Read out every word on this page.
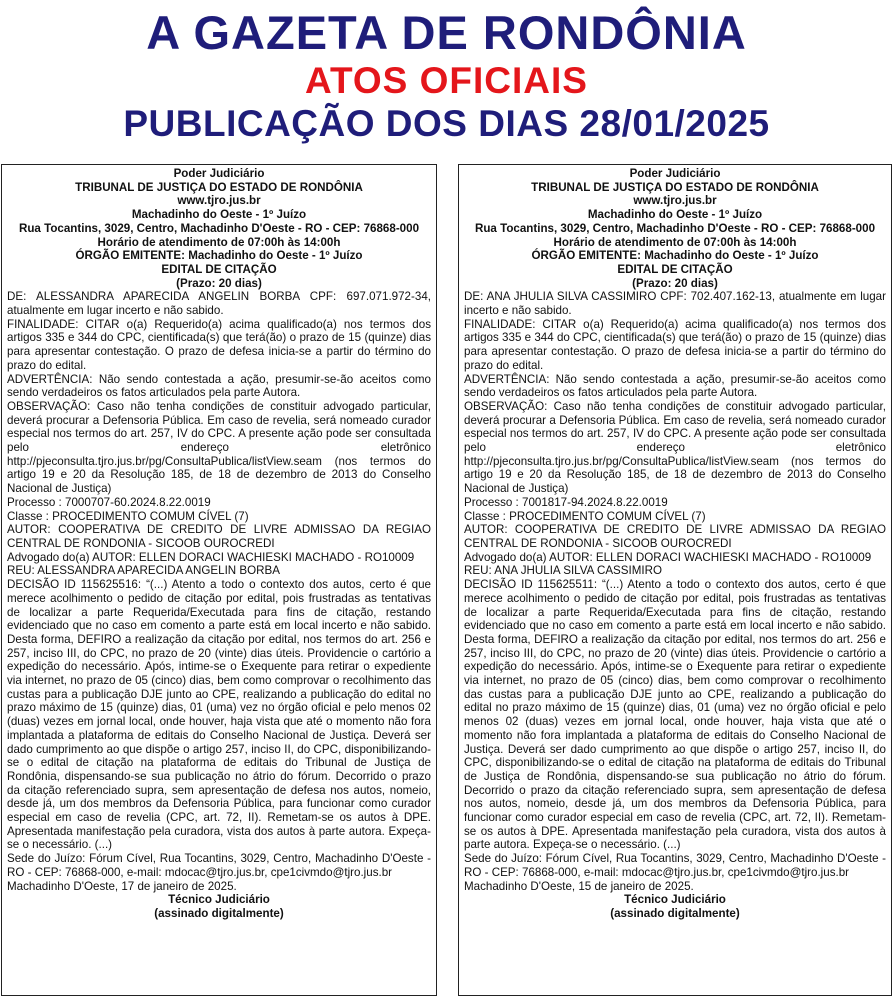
A GAZETA DE RONDÔNIA
ATOS OFICIAIS
PUBLICAÇÃO DOS DIAS 28/01/2025
Poder Judiciário
TRIBUNAL DE JUSTIÇA DO ESTADO DE RONDÔNIA
www.tjro.jus.br
Machadinho do Oeste - 1º Juízo
Rua Tocantins, 3029, Centro, Machadinho D'Oeste - RO - CEP: 76868-000
Horário de atendimento de 07:00h às 14:00h
ÓRGÃO EMITENTE: Machadinho do Oeste - 1º Juízo
EDITAL DE CITAÇÃO
(Prazo: 20 dias)
DE: ALESSANDRA APARECIDA ANGELIN BORBA CPF: 697.071.972-34, atualmente em lugar incerto e não sabido.
FINALIDADE: CITAR o(a) Requerido(a) acima qualificado(a) nos termos dos artigos 335 e 344 do CPC, cientificada(s) que terá(ão) o prazo de 15 (quinze) dias para apresentar contestação. O prazo de defesa inicia-se a partir do término do prazo do edital.
ADVERTÊNCIA: Não sendo contestada a ação, presumir-se-ão aceitos como sendo verdadeiros os fatos articulados pela parte Autora.
OBSERVAÇÃO: Caso não tenha condições de constituir advogado particular, deverá procurar a Defensoria Pública. Em caso de revelia, será nomeado curador especial nos termos do art. 257, IV do CPC. A presente ação pode ser consultada pelo endereço eletrônico http://pjeconsulta.tjro.jus.br/pg/ConsultaPublica/listView.seam (nos termos do artigo 19 e 20 da Resolução 185, de 18 de dezembro de 2013 do Conselho Nacional de Justiça)
Processo : 7000707-60.2024.8.22.0019
Classe : PROCEDIMENTO COMUM CÍVEL (7)
AUTOR: COOPERATIVA DE CREDITO DE LIVRE ADMISSAO DA REGIAO CENTRAL DE RONDONIA - SICOOB OUROCREDI
Advogado do(a) AUTOR: ELLEN DORACI WACHIESKI MACHADO - RO10009
REU: ALESSANDRA APARECIDA ANGELIN BORBA
DECISÃO ID 115625516: “(...) Atento a todo o contexto dos autos, certo é que merece acolhimento o pedido de citação por edital, pois frustradas as tentativas de localizar a parte Requerida/Executada para fins de citação, restando evidenciado que no caso em comento a parte está em local incerto e não sabido. Desta forma, DEFIRO a realização da citação por edital, nos termos do art. 256 e 257, inciso III, do CPC, no prazo de 20 (vinte) dias úteis. Providencie o cartório a expedição do necessário. Após, intime-se o Exequente para retirar o expediente via internet, no prazo de 05 (cinco) dias, bem como comprovar o recolhimento das custas para a publicação DJE junto ao CPE, realizando a publicação do edital no prazo máximo de 15 (quinze) dias, 01 (uma) vez no órgão oficial e pelo menos 02 (duas) vezes em jornal local, onde houver, haja vista que até o momento não fora implantada a plataforma de editais do Conselho Nacional de Justiça. Deverá ser dado cumprimento ao que dispõe o artigo 257, inciso II, do CPC, disponibilizando-se o edital de citação na plataforma de editais do Tribunal de Justiça de Rondônia, dispensando-se sua publicação no átrio do fórum. Decorrido o prazo da citação referenciado supra, sem apresentação de defesa nos autos, nomeio, desde já, um dos membros da Defensoria Pública, para funcionar como curador especial em caso de revelia (CPC, art. 72, II). Remetam-se os autos à DPE. Apresentada manifestação pela curadora, vista dos autos à parte autora. Expeça-se o necessário. (...)
Sede do Juízo: Fórum Cível, Rua Tocantins, 3029, Centro, Machadinho D'Oeste - RO - CEP: 76868-000, e-mail: mdocac@tjro.jus.br, cpe1civmdo@tjro.jus.br
Machadinho D'Oeste, 17 de janeiro de 2025.
Técnico Judiciário
(assinado digitalmente)
Poder Judiciário
TRIBUNAL DE JUSTIÇA DO ESTADO DE RONDÔNIA
www.tjro.jus.br
Machadinho do Oeste - 1º Juízo
Rua Tocantins, 3029, Centro, Machadinho D'Oeste - RO - CEP: 76868-000
Horário de atendimento de 07:00h às 14:00h
ÓRGÃO EMITENTE: Machadinho do Oeste - 1º Juízo
EDITAL DE CITAÇÃO
(Prazo: 20 dias)
DE: ANA JHULIA SILVA CASSIMIRO CPF: 702.407.162-13, atualmente em lugar incerto e não sabido.
FINALIDADE: CITAR o(a) Requerido(a) acima qualificado(a) nos termos dos artigos 335 e 344 do CPC, cientificada(s) que terá(ão) o prazo de 15 (quinze) dias para apresentar contestação. O prazo de defesa inicia-se a partir do término do prazo do edital.
ADVERTÊNCIA: Não sendo contestada a ação, presumir-se-ão aceitos como sendo verdadeiros os fatos articulados pela parte Autora.
OBSERVAÇÃO: Caso não tenha condições de constituir advogado particular, deverá procurar a Defensoria Pública. Em caso de revelia, será nomeado curador especial nos termos do art. 257, IV do CPC. A presente ação pode ser consultada pelo endereço eletrônico http://pjeconsulta.tjro.jus.br/pg/ConsultaPublica/listView.seam (nos termos do artigo 19 e 20 da Resolução 185, de 18 de dezembro de 2013 do Conselho Nacional de Justiça)
Processo : 7001817-94.2024.8.22.0019
Classe : PROCEDIMENTO COMUM CÍVEL (7)
AUTOR: COOPERATIVA DE CREDITO DE LIVRE ADMISSAO DA REGIAO CENTRAL DE RONDONIA - SICOOB OUROCREDI
Advogado do(a) AUTOR: ELLEN DORACI WACHIESKI MACHADO - RO10009
REU: ANA JHULIA SILVA CASSIMIRO
DECISÃO ID 115625511: “(...) Atento a todo o contexto dos autos, certo é que merece acolhimento o pedido de citação por edital, pois frustradas as tentativas de localizar a parte Requerida/Executada para fins de citação, restando evidenciado que no caso em comento a parte está em local incerto e não sabido. Desta forma, DEFIRO a realização da citação por edital, nos termos do art. 256 e 257, inciso III, do CPC, no prazo de 20 (vinte) dias úteis. Providencie o cartório a expedição do necessário. Após, intime-se o Exequente para retirar o expediente via internet, no prazo de 05 (cinco) dias, bem como comprovar o recolhimento das custas para a publicação DJE junto ao CPE, realizando a publicação do edital no prazo máximo de 15 (quinze) dias, 01 (uma) vez no órgão oficial e pelo menos 02 (duas) vezes em jornal local, onde houver, haja vista que até o momento não fora implantada a plataforma de editais do Conselho Nacional de Justiça. Deverá ser dado cumprimento ao que dispõe o artigo 257, inciso II, do CPC, disponibilizando-se o edital de citação na plataforma de editais do Tribunal de Justiça de Rondônia, dispensando-se sua publicação no átrio do fórum. Decorrido o prazo da citação referenciado supra, sem apresentação de defesa nos autos, nomeio, desde já, um dos membros da Defensoria Pública, para funcionar como curador especial em caso de revelia (CPC, art. 72, II). Remetam-se os autos à DPE. Apresentada manifestação pela curadora, vista dos autos à parte autora. Expeça-se o necessário. (...)
Sede do Juízo: Fórum Cível, Rua Tocantins, 3029, Centro, Machadinho D'Oeste - RO - CEP: 76868-000, e-mail: mdocac@tjro.jus.br, cpe1civmdo@tjro.jus.br
Machadinho D'Oeste, 15 de janeiro de 2025.
Técnico Judiciário
(assinado digitalmente)
